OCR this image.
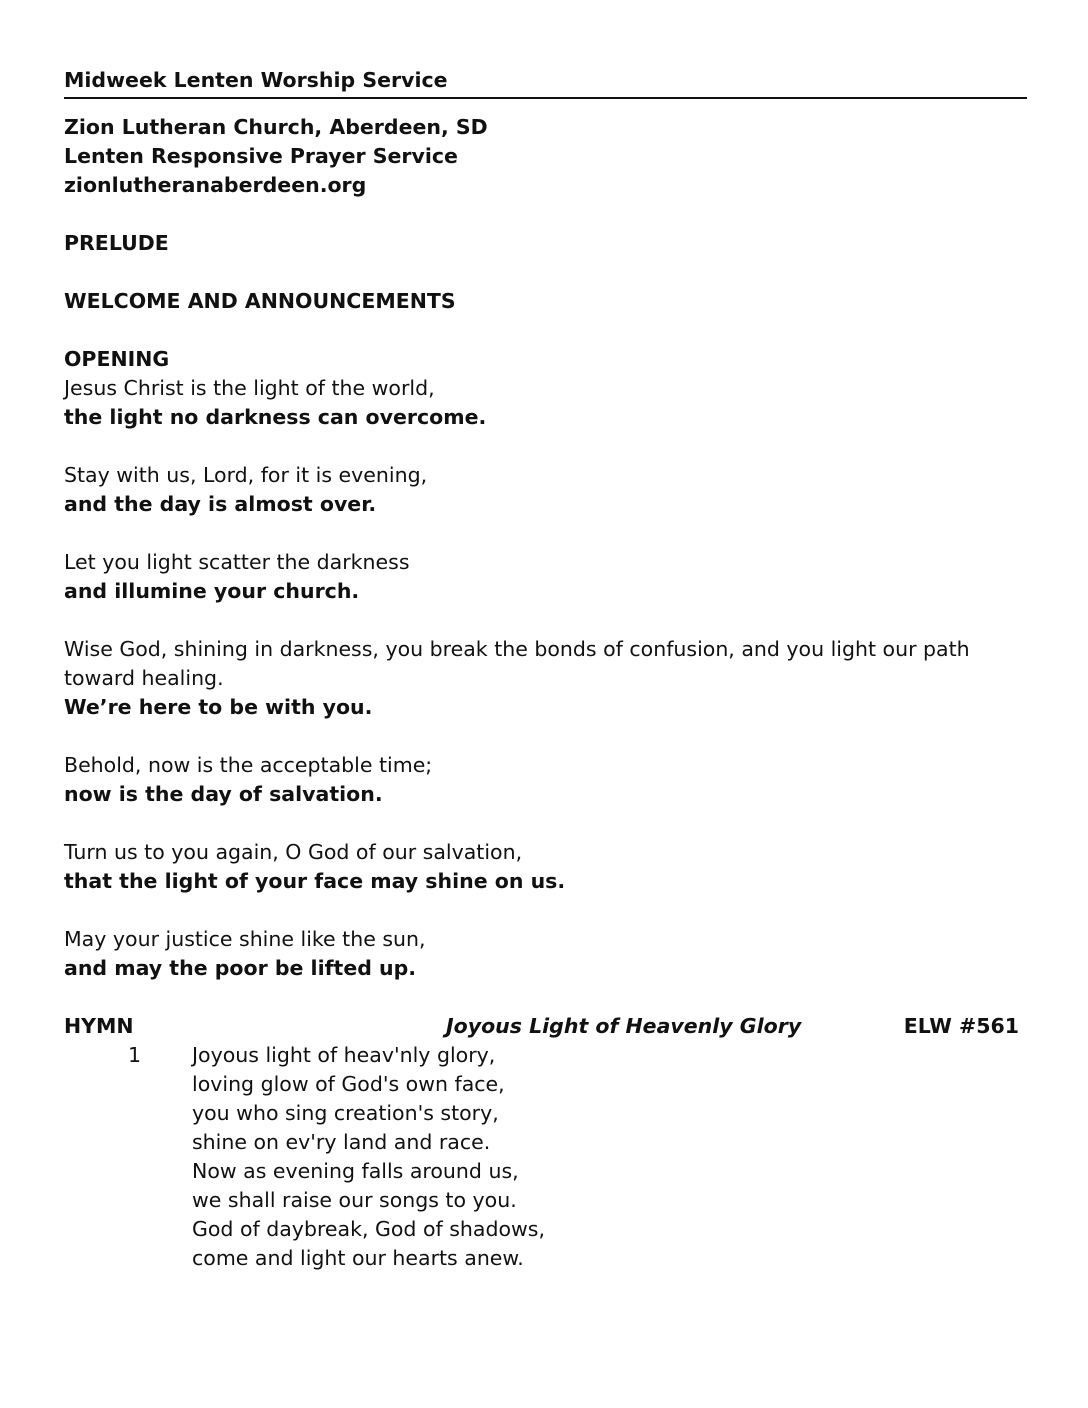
Midweek Lenten Worship Service
Zion Lutheran Church, Aberdeen, SD
Lenten Responsive Prayer Service
zionlutheranaberdeen.org
PRELUDE
WELCOME AND ANNOUNCEMENTS
OPENING
Jesus Christ is the light of the world,
the light no darkness can overcome.
Stay with us, Lord, for it is evening,
and the day is almost over.
Let you light scatter the darkness
and illumine your church.
Wise God, shining in darkness, you break the bonds of confusion, and you light our path toward healing.
We’re here to be with you.
Behold, now is the acceptable time;
now is the day of salvation.
Turn us to you again, O God of our salvation,
that the light of your face may shine on us.
May your justice shine like the sun,
and may the poor be lifted up.
HYMN	Joyous Light of Heavenly Glory	ELW #561
1 Joyous light of heav'nly glory,
loving glow of God's own face,
you who sing creation's story,
shine on ev'ry land and race.
Now as evening falls around us,
we shall raise our songs to you.
God of daybreak, God of shadows,
come and light our hearts anew.
